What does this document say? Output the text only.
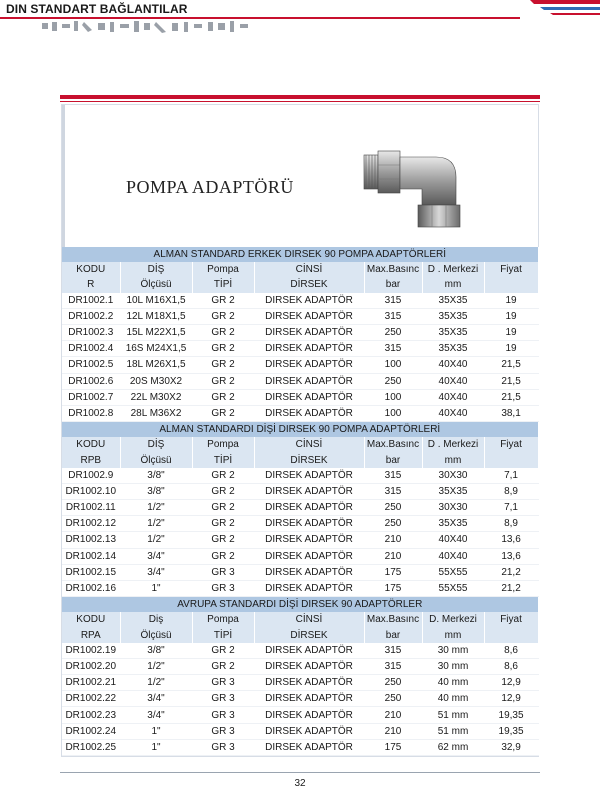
DIN STANDART BAĞLANTILAR
POMPA ADAPTÖRÜ
ALMAN STANDARD ERKEK DIRSEK 90 POMPA ADAPTÖRLERİ						
KODU	DİŞ	Pompa	CİNSİ	Max.Basınc	D . Merkezi	Fiyat
R	Ölçüsü	TİPİ	DİRSEK	bar	mm	
DR1002.1	10L M16X1,5	GR 2	DIRSEK ADAPTÖR	315	35X35	19
DR1002.2	12L M18X1,5	GR 2	DIRSEK ADAPTÖR	315	35X35	19
DR1002.3	15L M22X1,5	GR 2	DIRSEK ADAPTÖR	250	35X35	19
DR1002.4	16S M24X1,5	GR 2	DIRSEK ADAPTÖR	315	35X35	19
DR1002.5	18L M26X1,5	GR 2	DIRSEK ADAPTÖR	100	40X40	21,5
DR1002.6	20S M30X2	GR 2	DIRSEK ADAPTÖR	250	40X40	21,5
DR1002.7	22L M30X2	GR 2	DIRSEK ADAPTÖR	100	40X40	21,5
DR1002.8	28L M36X2	GR 2	DIRSEK ADAPTÖR	100	40X40	38,1
ALMAN STANDARDI DİŞİ DIRSEK 90 POMPA ADAPTÖRLERİ						
KODU	DİŞ	Pompa	CİNSİ	Max.Basınc	D . Merkezi	Fiyat
RPB	Ölçüsü	TİPİ	DİRSEK	bar	mm	
DR1002.9	3/8"	GR 2	DIRSEK ADAPTÖR	315	30X30	7,1
DR1002.10	3/8"	GR 2	DIRSEK ADAPTÖR	315	35X35	8,9
DR1002.11	1/2"	GR 2	DIRSEK ADAPTÖR	250	30X30	7,1
DR1002.12	1/2"	GR 2	DIRSEK ADAPTÖR	250	35X35	8,9
DR1002.13	1/2"	GR 2	DIRSEK ADAPTÖR	210	40X40	13,6
DR1002.14	3/4"	GR 2	DIRSEK ADAPTÖR	210	40X40	13,6
DR1002.15	3/4"	GR 3	DIRSEK ADAPTÖR	175	55X55	21,2
DR1002.16	1"	GR 3	DIRSEK ADAPTÖR	175	55X55	21,2
AVRUPA STANDARDI DİŞİ DIRSEK 90 ADAPTÖRLER						
KODU	Diş	Pompa	CİNSİ	Max.Basınc	D. Merkezi	Fiyat
RPA	Ölçüsü	TİPİ	DİRSEK	bar	mm	
DR1002.19	3/8"	GR 2	DIRSEK ADAPTÖR	315	30 mm	8,6
DR1002.20	1/2"	GR 2	DIRSEK ADAPTÖR	315	30 mm	8,6
DR1002.21	1/2"	GR 3	DIRSEK ADAPTÖR	250	40 mm	12,9
DR1002.22	3/4"	GR 3	DIRSEK ADAPTÖR	250	40 mm	12,9
DR1002.23	3/4"	GR 3	DIRSEK ADAPTÖR	210	51 mm	19,35
DR1002.24	1"	GR 3	DIRSEK ADAPTÖR	210	51 mm	19,35
DR1002.25	1"	GR 3	DIRSEK ADAPTÖR	175	62 mm	32,9
32
